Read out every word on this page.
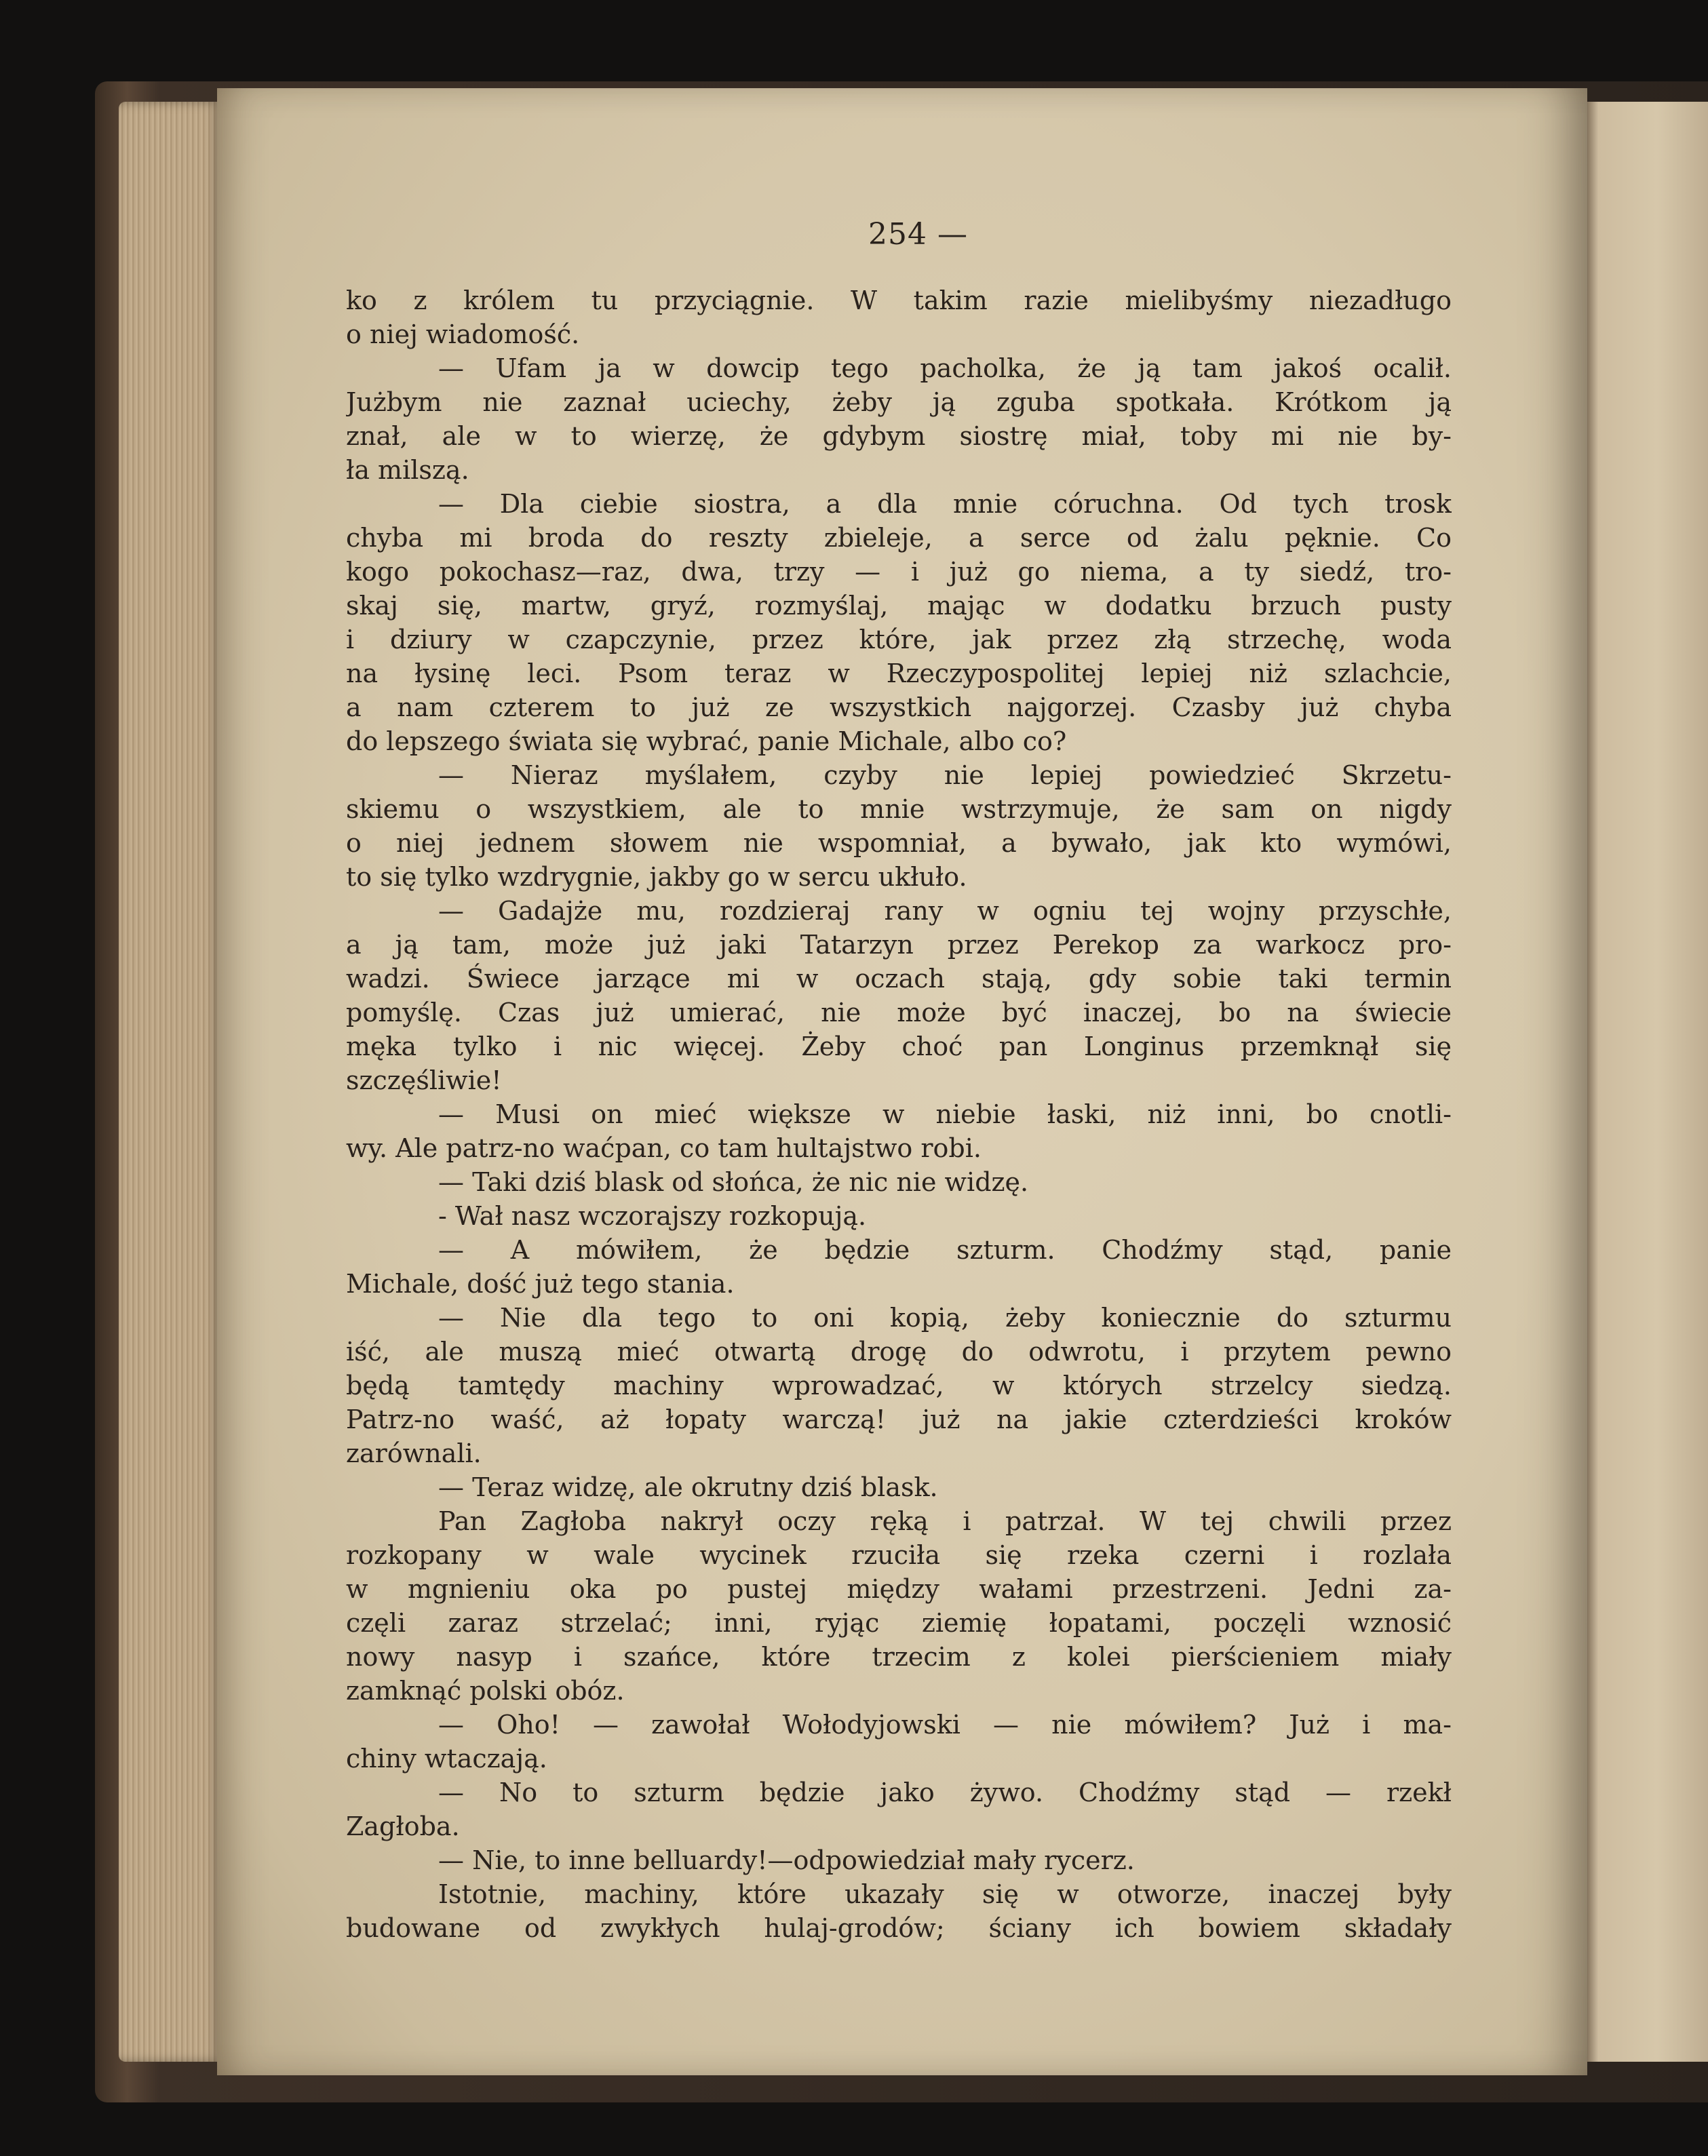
254 —
ko z królem tu przyciągnie. W takim razie mielibyśmy niezadługo
o niej wiadomość.
— Ufam ja w dowcip tego pacholka, że ją tam jakoś ocalił.
Jużbym nie zaznał uciechy, żeby ją zguba spotkała. Krótkom ją
znał, ale w to wierzę, że gdybym siostrę miał, toby mi nie by-
ła milszą.
— Dla ciebie siostra, a dla mnie córuchna. Od tych trosk
chyba mi broda do reszty zbieleje, a serce od żalu pęknie. Co
kogo pokochasz—raz, dwa, trzy — i już go niema, a ty siedź, tro-
skaj się, martw, gryź, rozmyślaj, mając w dodatku brzuch pusty
i dziury w czapczynie, przez które, jak przez złą strzechę, woda
na łysinę leci. Psom teraz w Rzeczypospolitej lepiej niż szlachcie,
a nam czterem to już ze wszystkich najgorzej. Czasby już chyba
do lepszego świata się wybrać, panie Michale, albo co?
— Nieraz myślałem, czyby nie lepiej powiedzieć Skrzetu-
skiemu o wszystkiem, ale to mnie wstrzymuje, że sam on nigdy
o niej jednem słowem nie wspomniał, a bywało, jak kto wymówi,
to się tylko wzdrygnie, jakby go w sercu ukłuło.
— Gadajże mu, rozdzieraj rany w ogniu tej wojny przyschłe,
a ją tam, może już jaki Tatarzyn przez Perekop za warkocz pro-
wadzi. Świece jarzące mi w oczach stają, gdy sobie taki termin
pomyślę. Czas już umierać, nie może być inaczej, bo na świecie
męka tylko i nic więcej. Żeby choć pan Longinus przemknął się
szczęśliwie!
— Musi on mieć większe w niebie łaski, niż inni, bo cnotli-
wy. Ale patrz-no waćpan, co tam hultajstwo robi.
— Taki dziś blask od słońca, że nic nie widzę.
- Wał nasz wczorajszy rozkopują.
— A mówiłem, że będzie szturm. Chodźmy stąd, panie
Michale, dość już tego stania.
— Nie dla tego to oni kopią, żeby koniecznie do szturmu
iść, ale muszą mieć otwartą drogę do odwrotu, i przytem pewno
będą tamtędy machiny wprowadzać, w których strzelcy siedzą.
Patrz-no waść, aż łopaty warczą! już na jakie czterdzieści kroków
zarównali.
— Teraz widzę, ale okrutny dziś blask.
Pan Zagłoba nakrył oczy ręką i patrzał. W tej chwili przez
rozkopany w wale wycinek rzuciła się rzeka czerni i rozlała
w mgnieniu oka po pustej między wałami przestrzeni. Jedni za-
częli zaraz strzelać; inni, ryjąc ziemię łopatami, poczęli wznosić
nowy nasyp i szańce, które trzecim z kolei pierścieniem miały
zamknąć polski obóz.
— Oho! — zawołał Wołodyjowski — nie mówiłem? Już i ma-
chiny wtaczają.
— No to szturm będzie jako żywo. Chodźmy stąd — rzekł
Zagłoba.
— Nie, to inne belluardy!—odpowiedział mały rycerz.
Istotnie, machiny, które ukazały się w otworze, inaczej były
budowane od zwykłych hulaj-grodów; ściany ich bowiem składały
